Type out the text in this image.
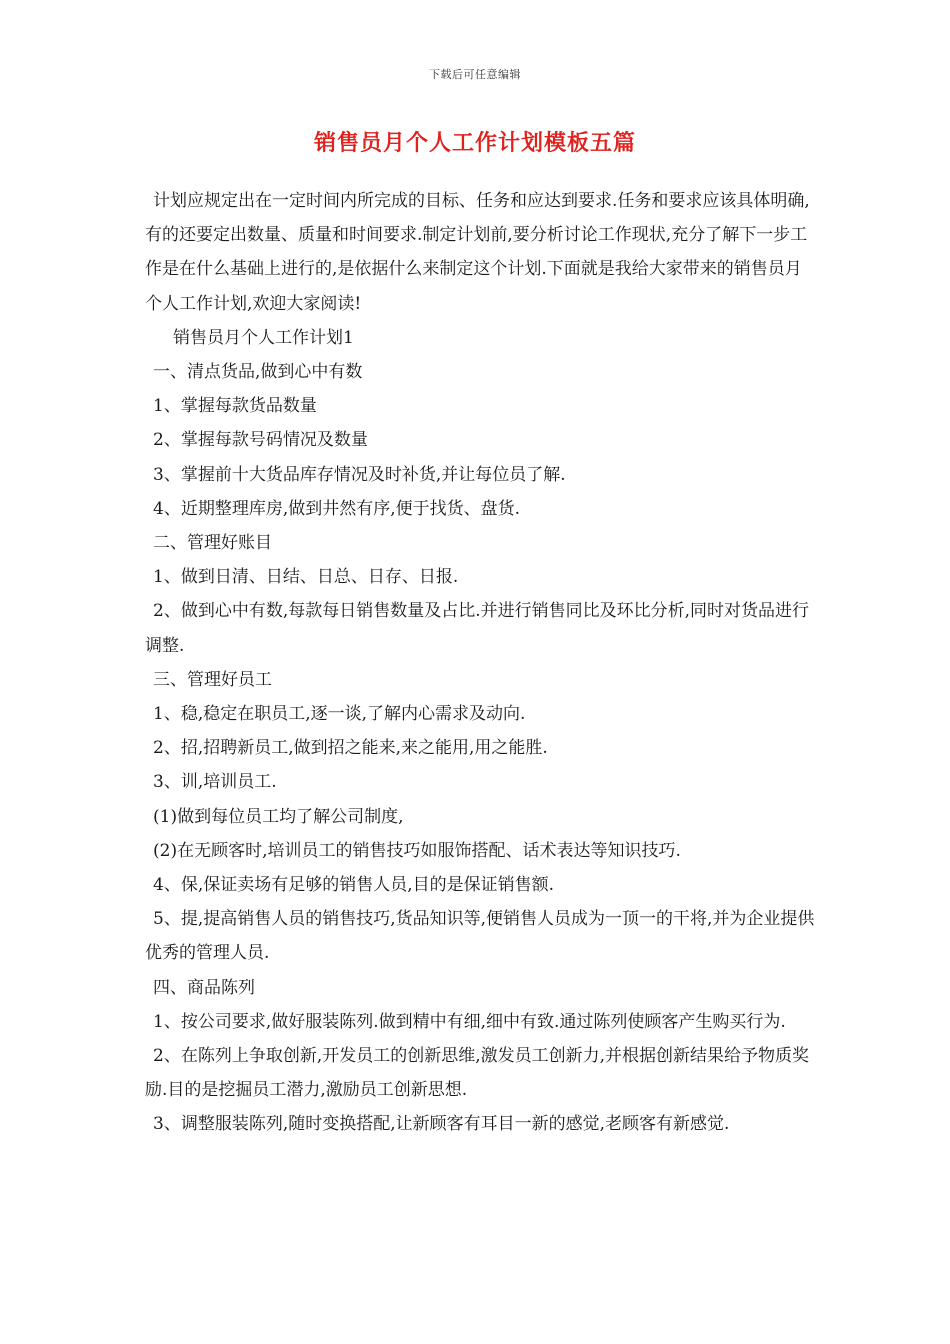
下载后可任意编辑
销售员月个人工作计划模板五篇

计划应规定出在一定时间内所完成的目标、任务和应达到要求.任务和要求应该具体明确,有的还要定出数量、质量和时间要求.制定计划前,要分析讨论工作现状,充分了解下一步工作是在什么基础上进行的,是依据什么来制定这个计划.下面就是我给大家带来的销售员月个人工作计划,欢迎大家阅读!

销售员月个人工作计划1

一、清点货品,做到心中有数

1、掌握每款货品数量

2、掌握每款号码情况及数量

3、掌握前十大货品库存情况及时补货,并让每位员了解.

4、近期整理库房,做到井然有序,便于找货、盘货.

二、管理好账目

1、做到日清、日结、日总、日存、日报.

2、做到心中有数,每款每日销售数量及占比.并进行销售同比及环比分析,同时对货品进行调整.

三、管理好员工

1、稳,稳定在职员工,逐一谈,了解内心需求及动向.

2、招,招聘新员工,做到招之能来,来之能用,用之能胜.

3、训,培训员工.

(1)做到每位员工均了解公司制度,

(2)在无顾客时,培训员工的销售技巧如服饰搭配、话术表达等知识技巧.

4、保,保证卖场有足够的销售人员,目的是保证销售额.

5、提,提高销售人员的销售技巧,货品知识等,便销售人员成为一顶一的干将,并为企业提供优秀的管理人员.

四、商品陈列

1、按公司要求,做好服装陈列.做到精中有细,细中有致.通过陈列使顾客产生购买行为.

2、在陈列上争取创新,开发员工的创新思维,激发员工创新力,并根据创新结果给予物质奖励.目的是挖掘员工潜力,激励员工创新思想.

3、调整服装陈列,随时变换搭配,让新顾客有耳目一新的感觉,老顾客有新感觉.
